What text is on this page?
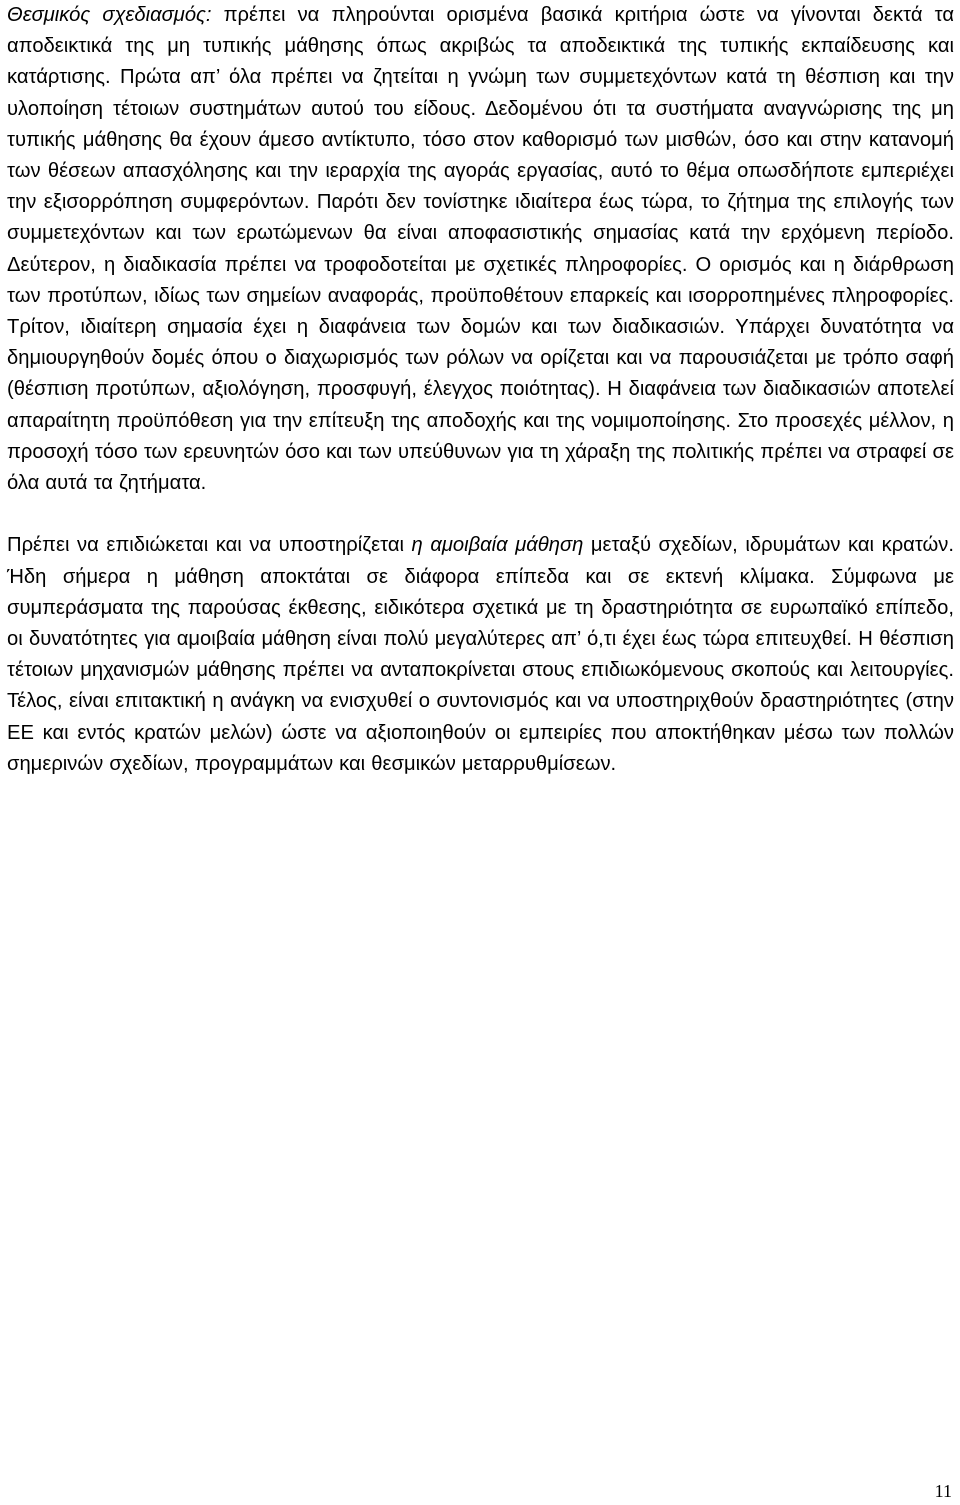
Θεσμικός σχεδιασμός: πρέπει να πληρούνται ορισμένα βασικά κριτήρια ώστε να γίνονται δεκτά τα αποδεικτικά της μη τυπικής μάθησης όπως ακριβώς τα αποδεικτικά της τυπικής εκπαίδευσης και κατάρτισης. Πρώτα απ’ όλα πρέπει να ζητείται η γνώμη των συμμετεχόντων κατά τη θέσπιση και την υλοποίηση τέτοιων συστημάτων αυτού του είδους. Δεδομένου ότι τα συστήματα αναγνώρισης της μη τυπικής μάθησης θα έχουν άμεσο αντίκτυπο, τόσο στον καθορισμό των μισθών, όσο και στην κατανομή των θέσεων απασχόλησης και την ιεραρχία της αγοράς εργασίας, αυτό το θέμα οπωσδήποτε εμπεριέχει την εξισορρόπηση συμφερόντων. Παρότι δεν τονίστηκε ιδιαίτερα έως τώρα, το ζήτημα της επιλογής των συμμετεχόντων και των ερωτώμενων θα είναι αποφασιστικής σημασίας κατά την ερχόμενη περίοδο. Δεύτερον, η διαδικασία πρέπει να τροφοδοτείται με σχετικές πληροφορίες. Ο ορισμός και η διάρθρωση των προτύπων, ιδίως των σημείων αναφοράς, προϋποθέτουν επαρκείς και ισορροπημένες πληροφορίες. Τρίτον, ιδιαίτερη σημασία έχει η διαφάνεια των δομών και των διαδικασιών. Υπάρχει δυνατότητα να δημιουργηθούν δομές όπου ο διαχωρισμός των ρόλων να ορίζεται και να παρουσιάζεται με τρόπο σαφή (θέσπιση προτύπων, αξιολόγηση, προσφυγή, έλεγχος ποιότητας). Η διαφάνεια των διαδικασιών αποτελεί απαραίτητη προϋπόθεση για την επίτευξη της αποδοχής και της νομιμοποίησης. Στο προσεχές μέλλον, η προσοχή τόσο των ερευνητών όσο και των υπεύθυνων για τη χάραξη της πολιτικής πρέπει να στραφεί σε όλα αυτά τα ζητήματα.

Πρέπει να επιδιώκεται και να υποστηρίζεται η αμοιβαία μάθηση μεταξύ σχεδίων, ιδρυμάτων και κρατών. Ήδη σήμερα η μάθηση αποκτάται σε διάφορα επίπεδα και σε εκτενή κλίμακα. Σύμφωνα με συμπεράσματα της παρούσας έκθεσης, ειδικότερα σχετικά με τη δραστηριότητα σε ευρωπαϊκό επίπεδο, οι δυνατότητες για αμοιβαία μάθηση είναι πολύ μεγαλύτερες απ’ ό,τι έχει έως τώρα επιτευχθεί. Η θέσπιση τέτοιων μηχανισμών μάθησης πρέπει να ανταποκρίνεται στους επιδιωκόμενους σκοπούς και λειτουργίες. Τέλος, είναι επιτακτική η ανάγκη να ενισχυθεί ο συντονισμός και να υποστηριχθούν δραστηριότητες (στην ΕΕ και εντός κρατών μελών) ώστε να αξιοποιηθούν οι εμπειρίες που αποκτήθηκαν μέσω των πολλών σημερινών σχεδίων, προγραμμάτων και θεσμικών μεταρρυθμίσεων.

11
